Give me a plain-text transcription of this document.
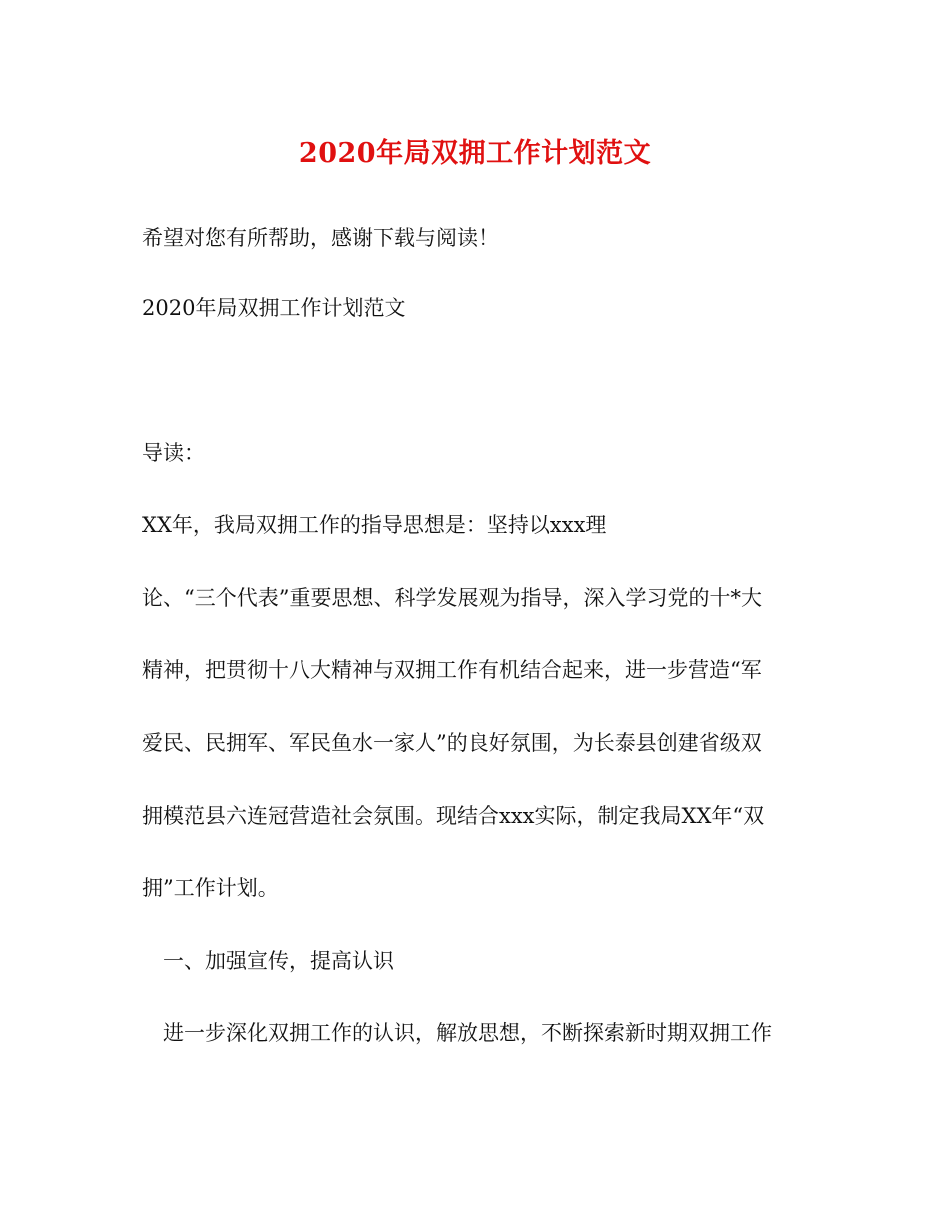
2020年局双拥工作计划范文
希望对您有所帮助，感谢下载与阅读！
2020年局双拥工作计划范文
导读：
XX年，我局双拥工作的指导思想是：坚持以xxx理
论、“三个代表”重要思想、科学发展观为指导，深入学习党的十*大
精神，把贯彻十八大精神与双拥工作有机结合起来，进一步营造“军
爱民、民拥军、军民鱼水一家人”的良好氛围，为长泰县创建省级双
拥模范县六连冠营造社会氛围。现结合xxx实际，制定我局XX年“双
拥”工作计划。
一、加强宣传，提高认识
进一步深化双拥工作的认识，解放思想，不断探索新时期双拥工作
